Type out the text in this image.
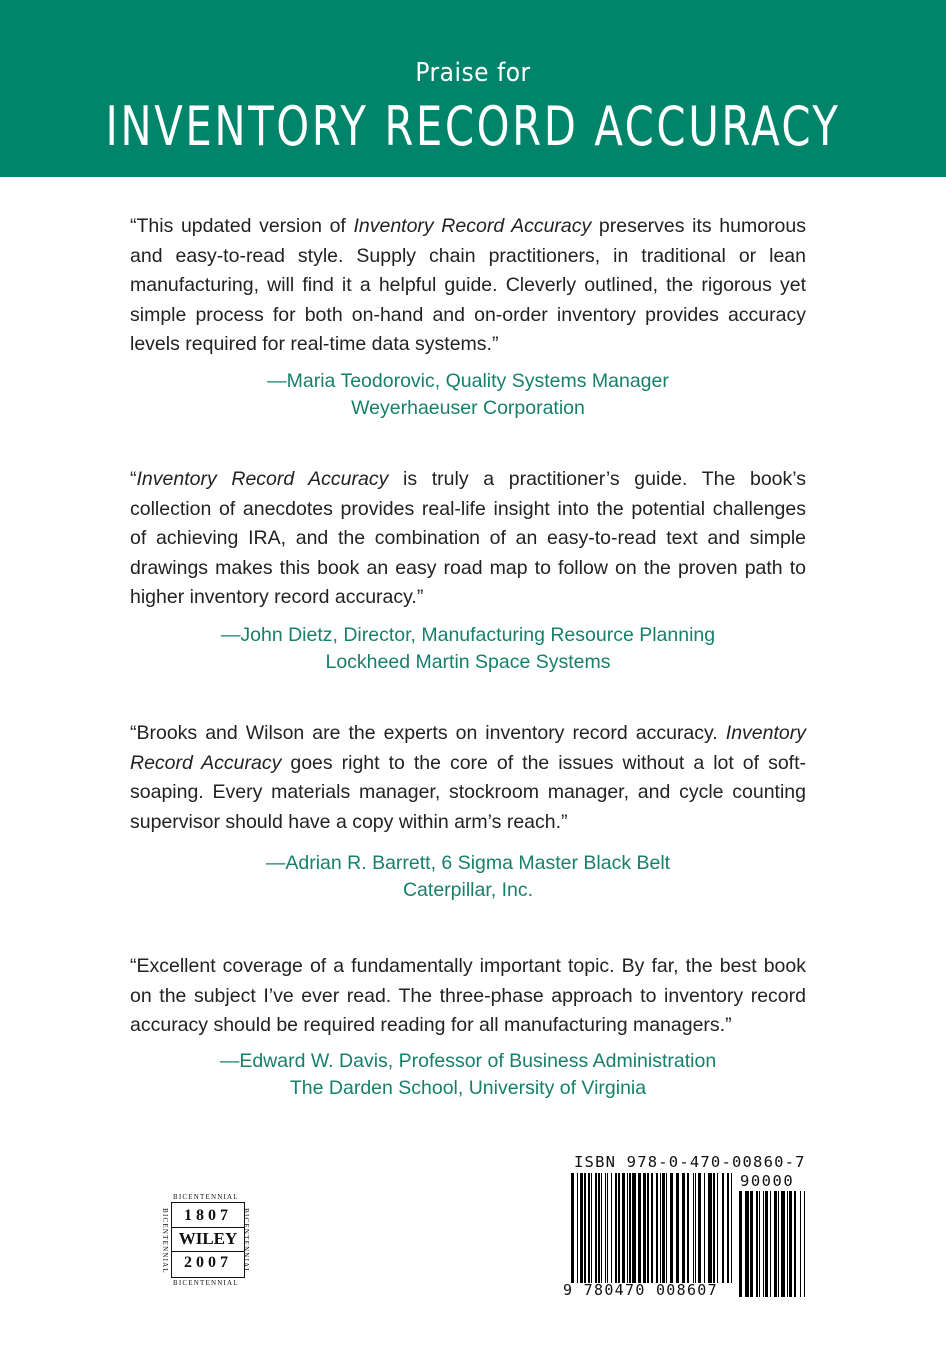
Praise for
INVENTORY RECORD ACCURACY
“This updated version of Inventory Record Accuracy preserves its humorous and easy-to-read style. Supply chain practitioners, in traditional or lean manufacturing, will find it a helpful guide. Cleverly outlined, the rigorous yet simple process for both on-hand and on-order inventory provides accuracy levels required for real-time data systems.”
—Maria Teodorovic, Quality Systems Manager
Weyerhaeuser Corporation
“Inventory Record Accuracy is truly a practitioner’s guide. The book’s collection of anecdotes provides real-life insight into the potential challenges of achieving IRA, and the combination of an easy-to-read text and simple drawings makes this book an easy road map to follow on the proven path to higher inventory record accuracy.”
—John Dietz, Director, Manufacturing Resource Planning
Lockheed Martin Space Systems
“Brooks and Wilson are the experts on inventory record accuracy. Inventory Record Accuracy goes right to the core of the issues without a lot of soft-soaping. Every materials manager, stockroom manager, and cycle counting supervisor should have a copy within arm’s reach.”
—Adrian R. Barrett, 6 Sigma Master Black Belt
Caterpillar, Inc.
“Excellent coverage of a fundamentally important topic. By far, the best book on the subject I’ve ever read. The three-phase approach to inventory record accuracy should be required reading for all manufacturing managers.”
—Edward W. Davis, Professor of Business Administration
The Darden School, University of Virginia
BICENTENNIAL
BICENTENNIAL
BICENTENNIAL	BICENTENNIAL
1807
WILEY
2007
ISBN 978-0-470-00860-7
90000
9 780470 008607
